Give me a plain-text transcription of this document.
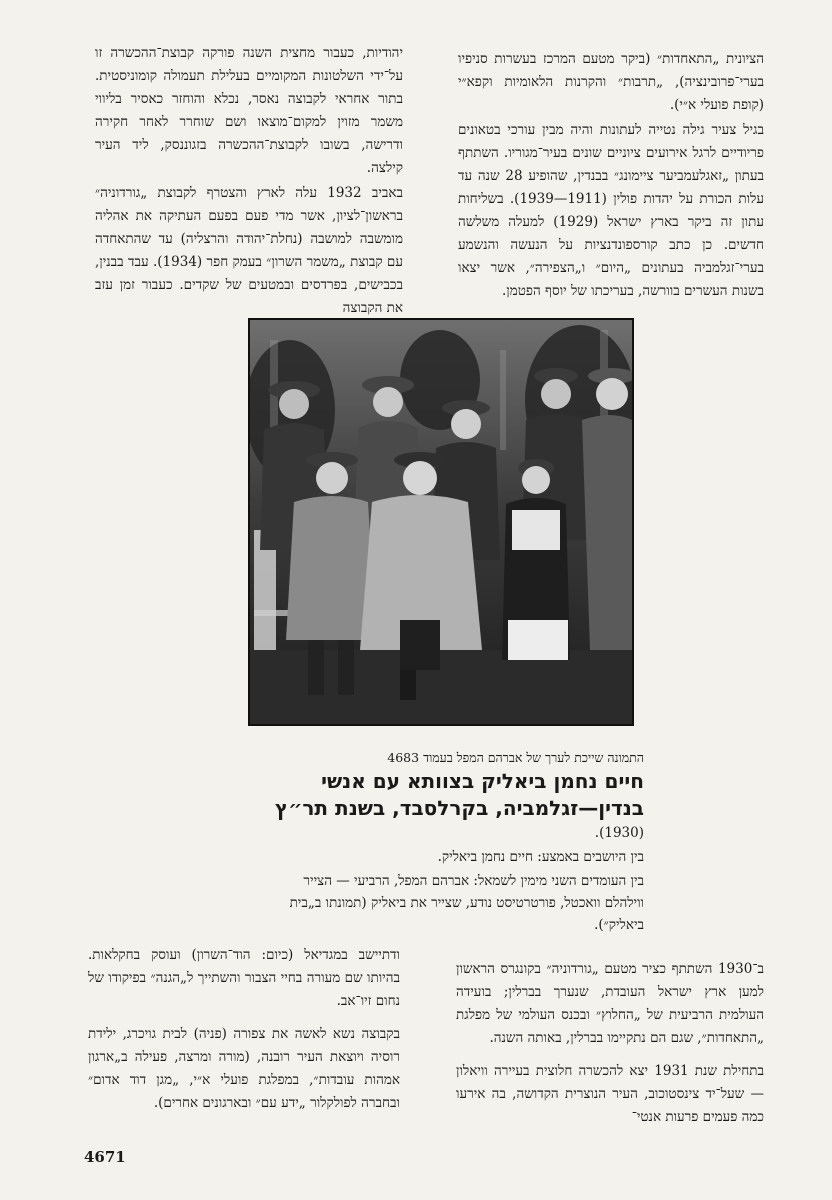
הציונית „התאחדות״ (ביקר מטעם המרכז בעשרות סניפיו בערי־פרובינציה), „תרבות״ והקרנות הלאומיות וקפא״י (קופת פועלי א״י).

בגיל צעיר גילה נטייה לעתונות והיה מבין עורכי בטאונים פריודיים לרגל אירועים ציוניים שונים בעיר־מגוריו. השתתף בעתון „זאגלעמביער ציימונג״ בבנדין, שהופיע 28 שנה עד עלות הכורת על יהדות פולין (1911—1939). בשליחות עתון זה ביקר בארץ ישראל (1929) למעלה משלשה חדשים. כן כתב קורספונדנציות על הנעשה והנשמע בערי־זגלמביה בעתונים „היום״ ו„הצפירה״, אשר יצאו בשנות העשרים בוורשה, בעריכתו של יוסף הפטמן.

יהודיות, כעבור מחצית השנה פורקה קבוצת־ההכשרה זו על־ידי השלטונות המקומיים בעלילת תעמולה קומוניסטית. בתור אחראי לקבוצה נאסר, נכלא והוחזר כאסיר בליווי משמר מזוין למקום־מוצאו ושם שוחרר לאחר חקירה ודרישה, בשובו לקבוצת־ההכשרה בזגוננסק, ליד העיר קילצה.

באביב 1932 עלה לארץ והצטרף לקבוצת „גורדוניה״ בראשון־לציון, אשר מדי פעם בפעם העתיקה את אהליה מומשבה למושבה (נחלת־יהודה והרצליה) עד שהתאחדה עם קבוצת „משמר השרון״ בעמק חפר (1934). עבד בבנין, בכבישים, בפרדסים ובמטעים של שקדים. כעבור זמן עזב את הקבוצה

התמונה שייכת לערך של אברהם המפל בעמוד 4683
חיים נחמן ביאליק בצוותא עם אנשי בנדין—זגלמביה, בקרלסבד, בשנת תר״ץ
(1930).
בין היושבים באמצע: חיים נחמן ביאליק.
בין העומדים השני מימין לשמאל: אברהם המפל, הרביעי — הצייר ווילהלם וואכטל, פורטרטיסט נודע, שצייר את ביאליק (תמונתו ב„בית ביאליק״).

ב־1930 השתתף כציר מטעם „גורדוניה״ בקונגרס הראשון למען ארץ ישראל העובדת, שנערך בברלין; בועידה העולמית הרביעית של „החלוץ״ ובכנס העולמי של מפלגת „התאחדות״, שגם הם נתקיימו בברלין, באותה השנה.

בתחילת שנת 1931 יצא להכשרה חלוצית בעיירה וויאלון — שעל־יד צינסטוכוב, העיר הנוצרית הקדושה, בה אירעו כמה פעמים פרעות אנטי־

ודתיישב במגדיאל (כיום: הוד־השרון) ועוסק בחקלאות. בהיותו שם מעורה בחיי הצבור והשתייך ל„הגנה״ בפיקודו של נחום זיו־אב.

בקבוצה נשא לאשה את צפורה (פניה) לבית גויכרג, ילידת רוסיה ויוצאת העיר רובנה, (מורה ומרצה, פעילה ב„ארגון אמהות עובדות״, במפלגת פועלי א״י, „מגן דוד אדום״ ובחברה לפולקלור „ידע עם״ ובארגונים אחרים).

4671
